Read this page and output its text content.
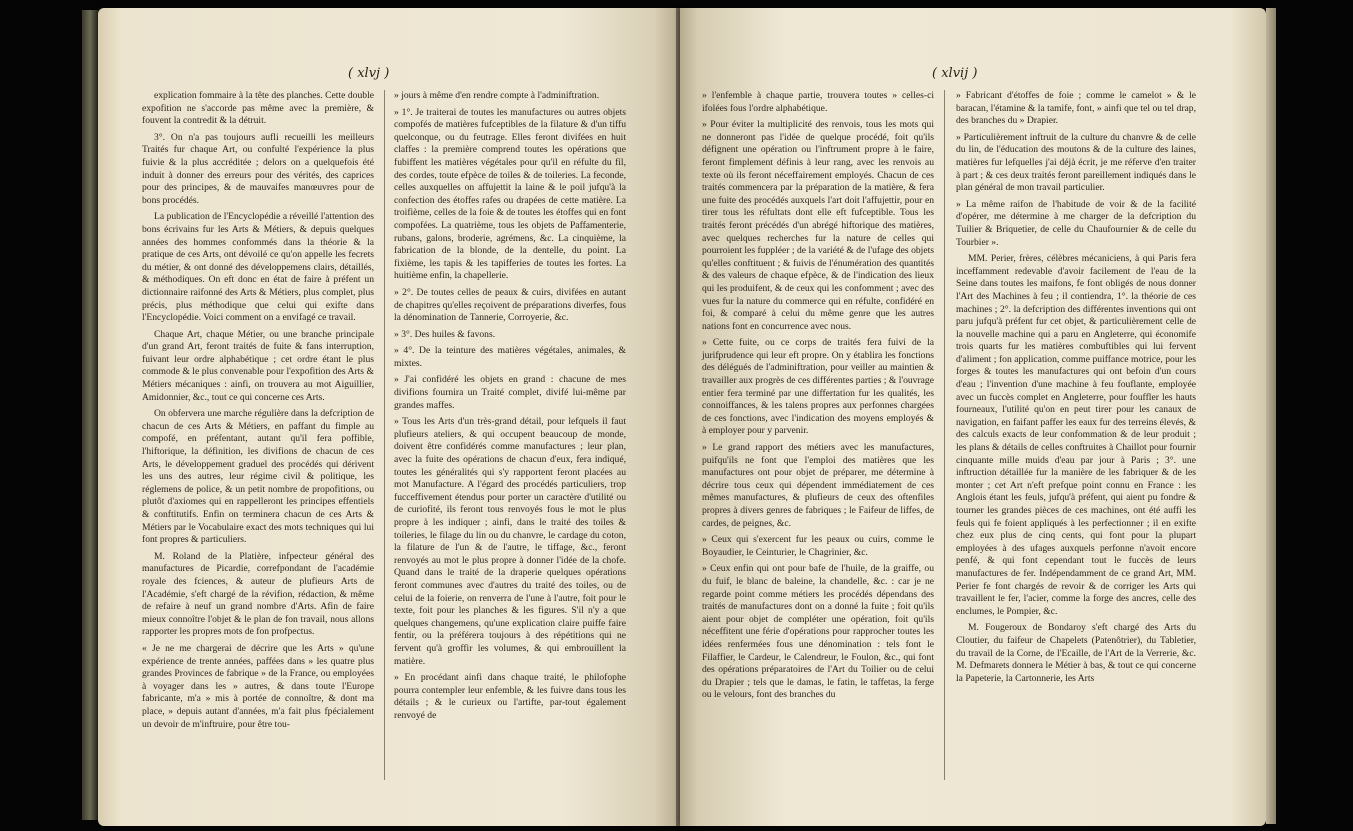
( xlvj )

explication fommaire à la tête des planches. Cette double expofition ne s'accorde pas même avec la première, & fouvent la contredit & la détruit.

3°. On n'a pas toujours aufli recueilli les meilleurs Traités fur chaque Art, ou confulté l'expérience la plus fuivie & la plus accréditée ; delors on a quelquefois été induit à donner des erreurs pour des vérités, des caprices pour des principes, & de mauvaifes manœuvres pour de bons procédés.

La publication de l'Encyclopédie a réveillé l'attention des bons écrivains fur les Arts & Métiers, & depuis quelques années des hommes confommés dans la théorie & la pratique de ces Arts, ont dévoilé ce qu'on appelle les fecrets du métier, & ont donné des développemens clairs, détaillés, & méthodiques. On eft donc en état de faire à préfent un dictionnaire raifonné des Arts & Métiers, plus complet, plus précis, plus méthodique que celui qui exifte dans l'Encyclopédie. Voici comment on a envifagé ce travail.

Chaque Art, chaque Métier, ou une branche principale d'un grand Art, feront traités de fuite & fans interruption, fuivant leur ordre alphabétique ; cet ordre étant le plus commode & le plus convenable pour l'expofition des Arts & Métiers mécaniques : ainfi, on trouvera au mot Aiguillier, Amidonnier, &c., tout ce qui concerne ces Arts.

On obfervera une marche régulière dans la defcription de chacun de ces Arts & Métiers, en paffant du fimple au compofé, en préfentant, autant qu'il fera poffible, l'hiftorique, la définition, les divifions de chacun de ces Arts, le développement graduel des procédés qui dérivent les uns des autres, leur régime civil & politique, les réglemens de police, & un petit nombre de propofitions, ou plutôt d'axiomes qui en rappelleront les principes effentiels & conftitutifs. Enfin on terminera chacun de ces Arts & Métiers par le Vocabulaire exact des mots techniques qui lui font propres & particuliers.

M. Roland de la Platière, infpecteur général des manufactures de Picardie, correfpondant de l'académie royale des fciences, & auteur de plufieurs Arts de l'Académie, s'eft chargé de la révifion, rédaction, & même de refaire à neuf un grand nombre d'Arts. Afin de faire mieux connoître l'objet & le plan de fon travail, nous allons rapporter les propres mots de fon profpectus.

« Je ne me chargerai de décrire que les Arts » qu'une expérience de trente années, paffées dans » les quatre plus grandes Provinces de fabrique » de la France, ou employées à voyager dans les » autres, & dans toute l'Europe fabricante, m'a » mis à portée de connoître, & dont ma place, » depuis autant d'années, m'a fait plus fpécialement un devoir de m'inftruire, pour être tou-

» jours à même d'en rendre compte à l'adminiftration.

» 1°. Je traiterai de toutes les manufactures ou autres objets compofés de matières fufceptibles de la filature & d'un tiffu quelconque, ou du feutrage. Elles feront divifées en huit claffes : la première comprend toutes les opérations que fubiffent les matières végétales pour qu'il en réfulte du fil, des cordes, toute efpèce de toiles & de toileries. La feconde, celles auxquelles on affujettit la laine & le poil jufqu'à la confection des étoffes rafes ou drapées de cette matière. La troifième, celles de la foie & de toutes les étoffes qui en font compofées. La quatrième, tous les objets de Paffamenterie, rubans, galons, broderie, agrémens, &c. La cinquième, la fabrication de la blonde, de la dentelle, du point. La fixième, les tapis & les tapifferies de toutes les fortes. La huitième enfin, la chapellerie.

» 2°. De toutes celles de peaux & cuirs, divifées en autant de chapitres qu'elles reçoivent de préparations diverfes, fous la dénomination de Tannerie, Corroyerie, &c.

» 3°. Des huiles & favons.

» 4°. De la teinture des matières végétales, animales, & mixtes.

» J'ai confidéré les objets en grand : chacune de mes divifions fournira un Traité complet, divifé lui-même par grandes maffes.

» Tous les Arts d'un très-grand détail, pour lefquels il faut plufieurs ateliers, & qui occupent beaucoup de monde, doivent être confidérés comme manufactures ; leur plan, avec la fuite des opérations de chacun d'eux, fera indiqué, toutes les généralités qui s'y rapportent feront placées au mot Manufacture. A l'égard des procédés particuliers, trop fucceffivement étendus pour porter un caractère d'utilité ou de curiofité, ils feront tous renvoyés fous le mot le plus propre à les indiquer ; ainfi, dans le traité des toiles & toileries, le filage du lin ou du chanvre, le cardage du coton, la filature de l'un & de l'autre, le tiffage, &c., feront renvoyés au mot le plus propre à donner l'idée de la chofe. Quand dans le traité de la draperie quelques opérations feront communes avec d'autres du traité des toiles, ou de celui de la foierie, on renverra de l'une à l'autre, foit pour le texte, foit pour les planches & les figures. S'il n'y a que quelques changemens, qu'une explication claire puiffe faire fentir, ou la préférera toujours à des répétitions qui ne fervent qu'à groffir les volumes, & qui embrouillent la matière.

» En procédant ainfi dans chaque traité, le philofophe pourra contempler leur enfemble, & les fuivre dans tous les détails ; & le curieux ou l'artifte, par-tout également renvoyé de

( xlvij )

» l'enfemble à chaque partie, trouvera toutes » celles-ci ifolées fous l'ordre alphabétique.

» Pour éviter la multiplicité des renvois, tous les mots qui ne donneront pas l'idée de quelque procédé, foit qu'ils défignent une opération ou l'inftrument propre à le faire, feront fimplement définis à leur rang, avec les renvois au texte où ils feront néceffairement employés. Chacun de ces traités commencera par la préparation de la matière, & fera une fuite des procédés auxquels l'art doit l'affujettir, pour en tirer tous les réfultats dont elle eft fufceptible. Tous les traités feront précédés d'un abrégé hiftorique des matières, avec quelques recherches fur la nature de celles qui pourroient les fuppléer ; de la variété & de l'ufage des objets qu'elles conftituent ; & fuivis de l'énumération des quantités & des valeurs de chaque efpèce, & de l'indication des lieux qui les produifent, & de ceux qui les confomment ; avec des vues fur la nature du commerce qui en réfulte, confidéré en foi, & comparé à celui du même genre que les autres nations font en concurrence avec nous.

» Cette fuite, ou ce corps de traités fera fuivi de la jurifprudence qui leur eft propre. On y établira les fonctions des délégués de l'adminiftration, pour veiller au maintien & travailler aux progrès de ces différentes parties ; & l'ouvrage entier fera terminé par une differtation fur les qualités, les connoiffances, & les talens propres aux perfonnes chargées de ces fonctions, avec l'indication des moyens employés & à employer pour y parvenir.

» Le grand rapport des métiers avec les manufactures, puifqu'ils ne font que l'emploi des matières que les manufactures ont pour objet de préparer, me détermine à décrire tous ceux qui dépendent immédiatement de ces mêmes manufactures, & plufieurs de ceux des oftenfiles propres à divers genres de fabriques ; le Faifeur de liffes, de cardes, de peignes, &c.

» Ceux qui s'exercent fur les peaux ou cuirs, comme le Boyaudier, le Ceinturier, le Chagrinier, &c.

» Ceux enfin qui ont pour bafe de l'huile, de la graiffe, ou du fuif, le blanc de baleine, la chandelle, &c. : car je ne regarde point comme métiers les procédés dépendans des traités de manufactures dont on a donné la fuite ; foit qu'ils aient pour objet de compléter une opération, foit qu'ils néceffitent une férie d'opérations pour rapprocher toutes les idées renfermées fous une dénomination : tels font le Filaffier, le Cardeur, le Calendreur, le Foulon, &c., qui font des opérations préparatoires de l'Art du Toilier ou de celui du Drapier ; tels que le damas, le fatin, le taffetas, la ferge ou le velours, font des branches du

» Fabricant d'étoffes de foie ; comme le camelot » & le baracan, l'étamine & la tamife, font, » ainfi que tel ou tel drap, des branches du » Drapier.

» Particulièrement inftruit de la culture du chanvre & de celle du lin, de l'éducation des moutons & de la culture des laines, matières fur lefquelles j'ai déjà écrit, je me réferve d'en traiter à part ; & ces deux traités feront pareillement indiqués dans le plan général de mon travail particulier.

» La même raifon de l'habitude de voir & de la facilité d'opérer, me détermine à me charger de la defcription du Tuilier & Briquetier, de celle du Chaufournier & de celle du Tourbier ».

MM. Perier, frères, célèbres mécaniciens, à qui Paris fera inceffamment redevable d'avoir facilement de l'eau de la Seine dans toutes les maifons, fe font obligés de nous donner l'Art des Machines à feu ; il contiendra, 1°. la théorie de ces machines ; 2°. la defcription des différentes inventions qui ont paru jufqu'à préfent fur cet objet, & particulièrement celle de la nouvelle machine qui a paru en Angleterre, qui économife trois quarts fur les matières combuftibles qui lui fervent d'aliment ; fon application, comme puiffance motrice, pour les forges & toutes les manufactures qui ont befoin d'un cours d'eau ; l'invention d'une machine à feu fouflante, employée avec un fuccès complet en Angleterre, pour fouffler les hauts fourneaux, l'utilité qu'on en peut tirer pour les canaux de navigation, en faifant paffer les eaux fur des terreins élevés, & des calculs exacts de leur confommation & de leur produit ; les plans & détails de celles conftruites à Chaillot pour fournir cinquante mille muids d'eau par jour à Paris ; 3°. une inftruction détaillée fur la manière de les fabriquer & de les monter ; cet Art n'eft prefque point connu en France : les Anglois étant les feuls, jufqu'à préfent, qui aient pu fondre & tourner les grandes pièces de ces machines, ont été auffi les feuls qui fe foient appliqués à les perfectionner ; il en exifte chez eux plus de cinq cents, qui font pour la plupart employées à des ufages auxquels perfonne n'avoit encore penfé, & qui font cependant tout le fuccès de leurs manufactures de fer. Indépendamment de ce grand Art, MM. Perier fe font chargés de revoir & de corriger les Arts qui travaillent le fer, l'acier, comme la forge des ancres, celle des enclumes, le Pompier, &c.

M. Fougeroux de Bondaroy s'eft chargé des Arts du Cloutier, du faifeur de Chapelets (Patenôtrier), du Tabletier, du travail de la Corne, de l'Ecaille, de l'Art de la Verrerie, &c. M. Defmarets donnera le Métier à bas, & tout ce qui concerne la Papeterie, la Cartonnerie, les Arts
